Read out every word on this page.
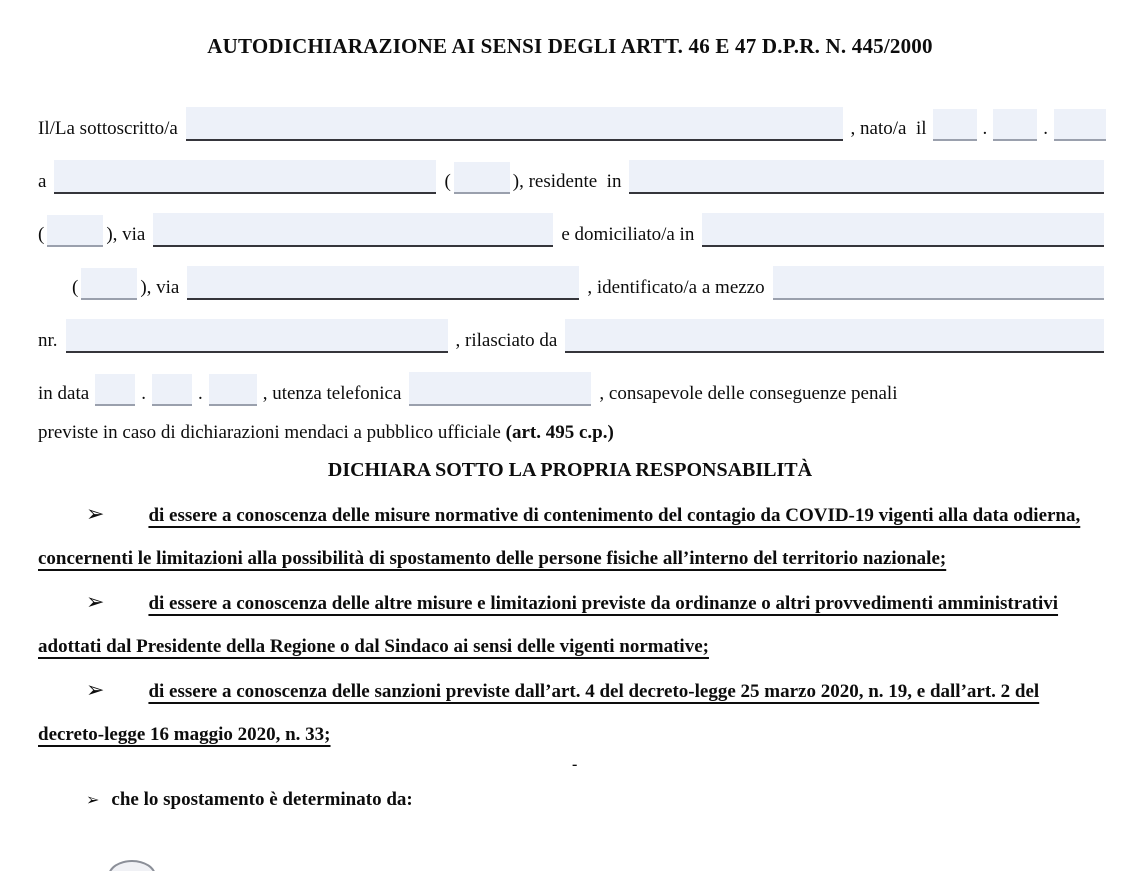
AUTODICHIARAZIONE AI SENSI DEGLI ARTT. 46 E 47 D.P.R. N. 445/2000
Il/La sottoscritto/a	, nato/a  il	.	.
a	(	), residente  in
(	), via	e domiciliato/a in
(	), via	, identificato/a a mezzo
nr.	, rilasciato da
in data	.	.	, utenza telefonica	, consapevole delle conseguenze penali

previste in caso di dichiarazioni mendaci a pubblico ufficiale (art. 495 c.p.)

DICHIARA SOTTO LA PROPRIA RESPONSABILITÀ

➢ di essere a conoscenza delle misure normative di contenimento del contagio da COVID-19 vigenti alla data odierna, concernenti le limitazioni alla possibilità di spostamento delle persone fisiche all’interno del territorio nazionale;

➢ di essere a conoscenza delle altre misure e limitazioni previste da ordinanze o altri provvedimenti amministrativi adottati dal Presidente della Regione o dal Sindaco ai sensi delle vigenti normative;

➢ di essere a conoscenza delle sanzioni previste dall’art. 4 del decreto-legge 25 marzo 2020, n. 19, e dall’art. 2 del decreto-legge 16 maggio 2020, n. 33;

➢ che lo spostamento è determinato da:

-
